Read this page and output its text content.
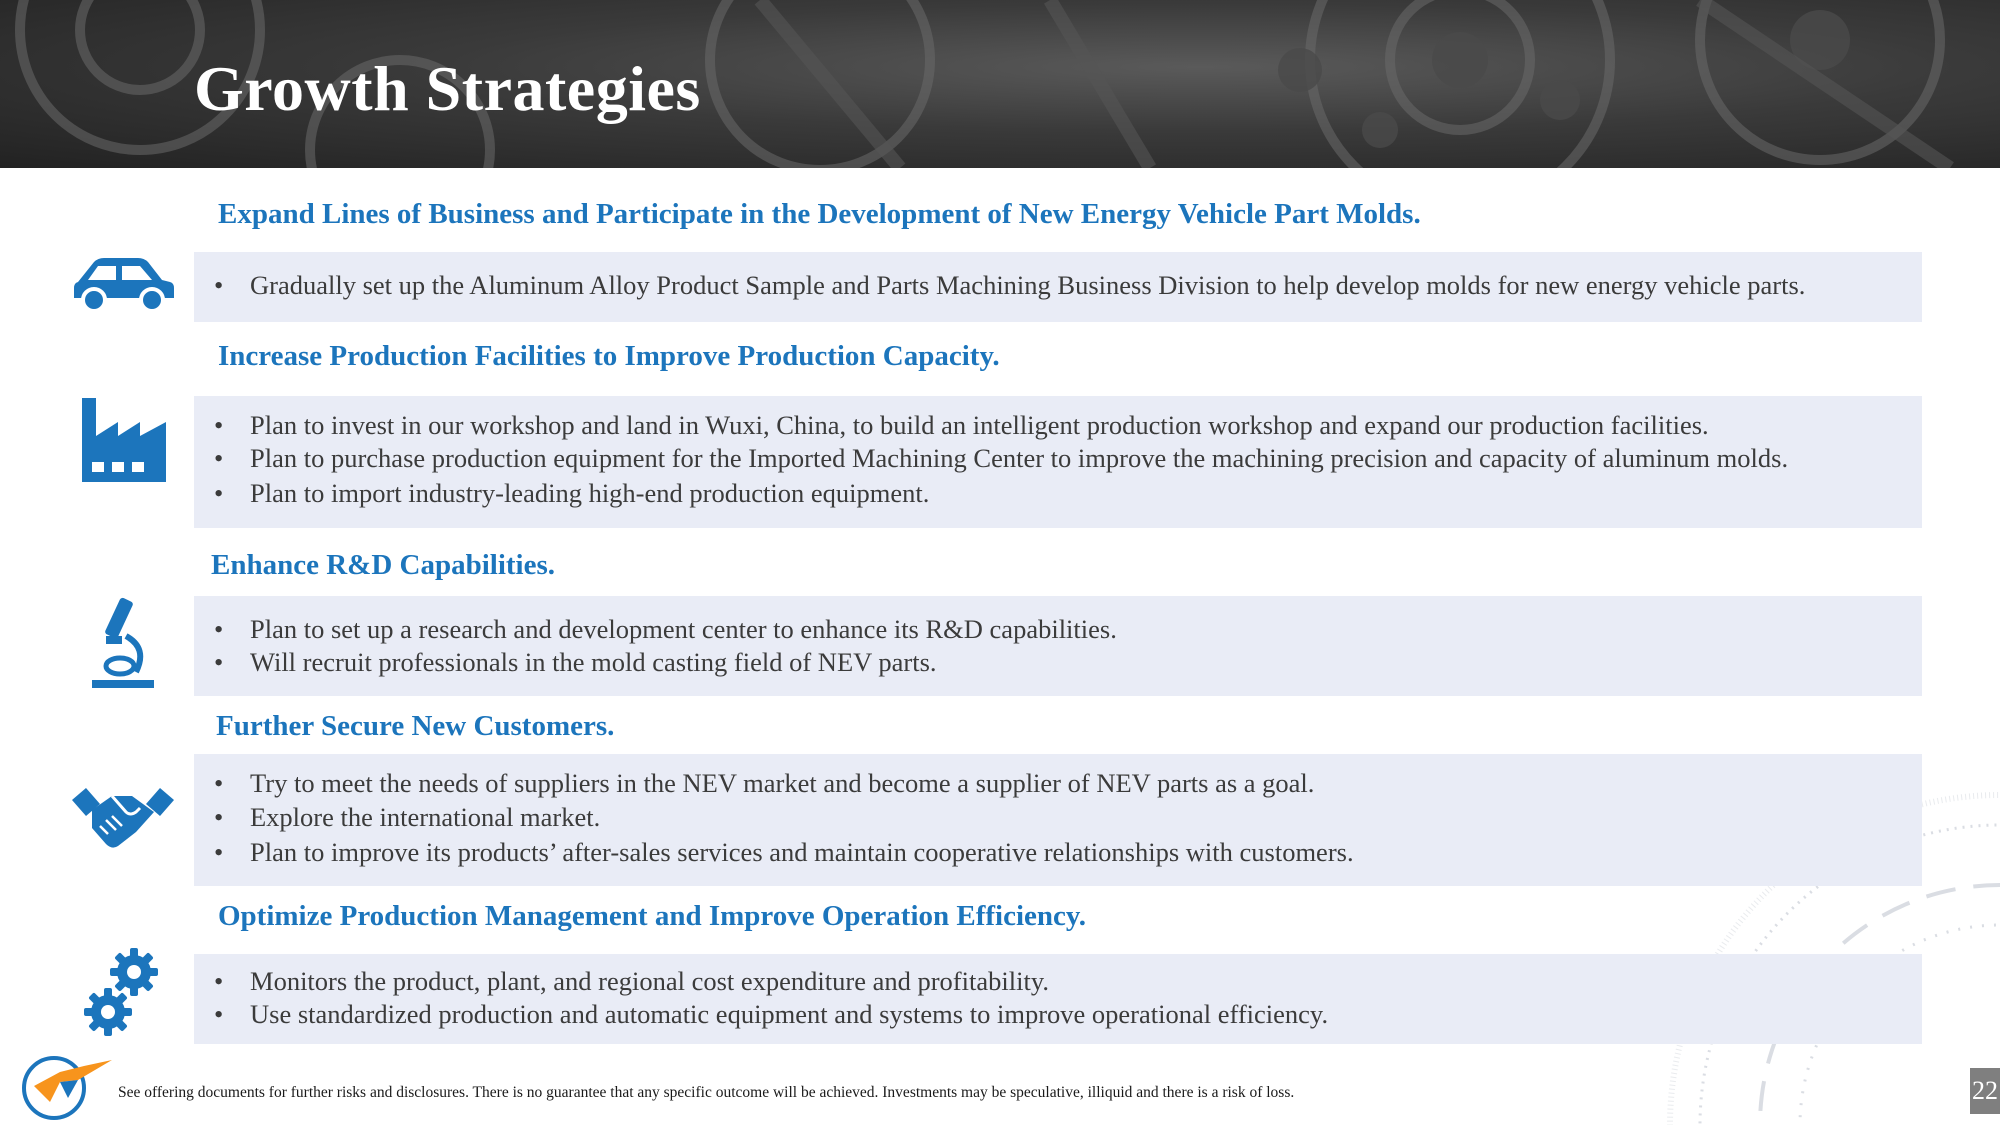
Growth Strategies
Expand Lines of Business and Participate in the Development of New Energy Vehicle Part Molds.
• Gradually set up the Aluminum Alloy Product Sample and Parts Machining Business Division to help develop molds for new energy vehicle parts.
Increase Production Facilities to Improve Production Capacity.
• Plan to invest in our workshop and land in Wuxi, China, to build an intelligent production workshop and expand our production facilities.
• Plan to purchase production equipment for the Imported Machining Center to improve the machining precision and capacity of aluminum molds.
• Plan to import industry-leading high-end production equipment.
Enhance R&D Capabilities.
• Plan to set up a research and development center to enhance its R&D capabilities.
• Will recruit professionals in the mold casting field of NEV parts.
Further Secure New Customers.
• Try to meet the needs of suppliers in the NEV market and become a supplier of NEV parts as a goal.
• Explore the international market.
• Plan to improve its products’ after-sales services and maintain cooperative relationships with customers.
Optimize Production Management and Improve Operation Efficiency.
• Monitors the product, plant, and regional cost expenditure and profitability.
• Use standardized production and automatic equipment and systems to improve operational efficiency.
See offering documents for further risks and disclosures. There is no guarantee that any specific outcome will be achieved. Investments may be speculative, illiquid and there is a risk of loss.	22
